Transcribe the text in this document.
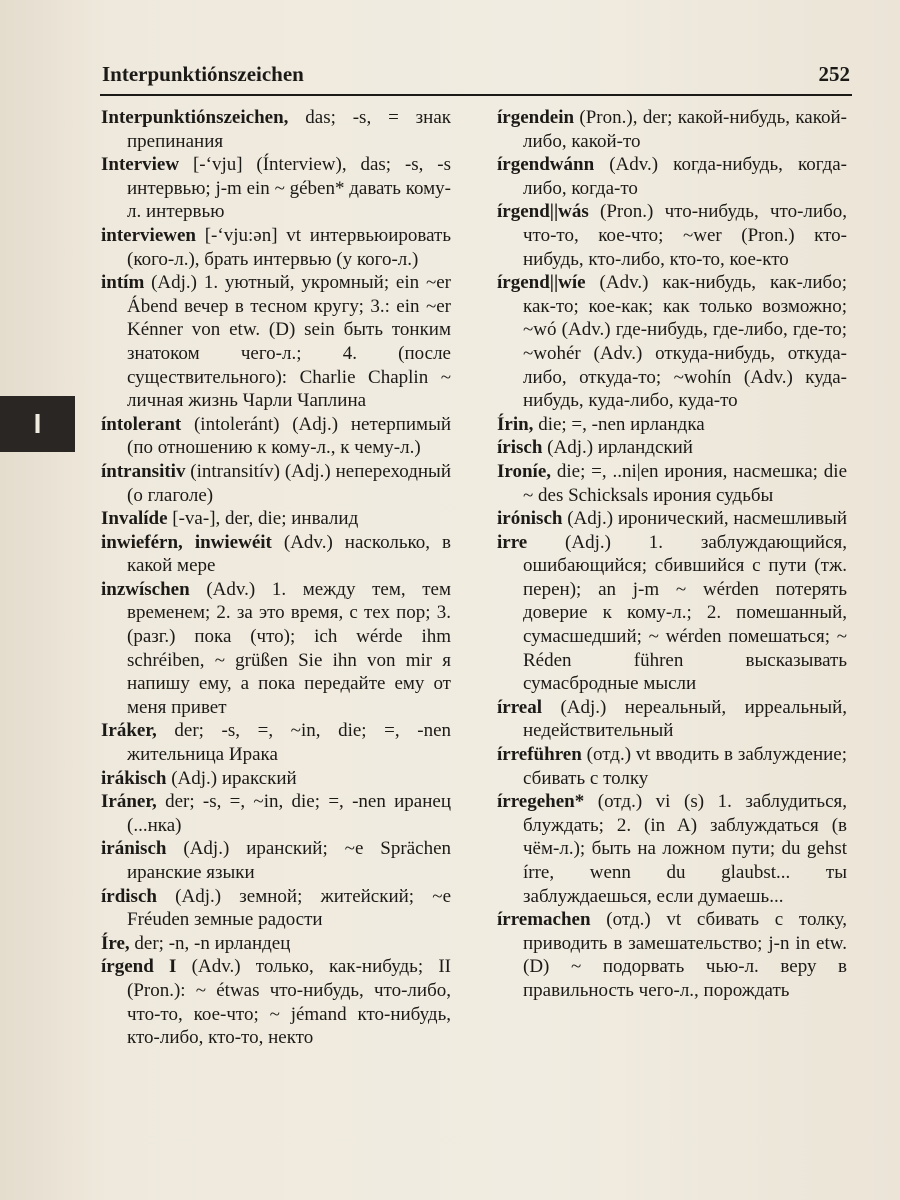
Interpunktiónszeichen	252
I

Interpunktiónszeichen, das; -s, = знак препинания

Interview [-‘vju] (Ínterview), das; -s, -s интервью; j-m ein ~ gében* давать кому-л. интервью

interviewen [-‘vju:ən] vt интервьюировать (кого-л.), брать интервью (у кого-л.)

intím (Adj.) 1. уютный, укромный; ein ~er Ábend вечер в тесном кругу; 3.: ein ~er Kénner von etw. (D) sein быть тонким знатоком чего-л.; 4. (после существительного): Charlie Chaplin ~ личная жизнь Чарли Чаплина

íntolerant (intoleránt) (Adj.) нетерпимый (по отношению к кому-л., к чему-л.)

íntransitiv (intransitív) (Adj.) непереходный (о глаголе)

Invalíde [-va-], der, die; инвалид

inwieférn, inwiewéit (Adv.) насколько, в какой мере

inzwíschen (Adv.) 1. между тем, тем временем; 2. за это время, с тех пор; 3. (разг.) пока (что); ich wérde ihm schréiben, ~ grüßen Sie ihn von mir я напишу ему, а пока передайте ему от меня привет

Iráker, der; -s, =, ~in, die; =, -nen жительница Ирака

irákisch (Adj.) иракский

Iráner, der; -s, =, ~in, die; =, -nen иранец (...нка)

iránisch (Adj.) иранский; ~e Sprächen иранские языки

írdisch (Adj.) земной; житейский; ~e Fréuden земные радости

Íre, der; -n, -n ирландец

írgend I (Adv.) только, как-нибудь; II (Pron.): ~ étwas что-нибудь, что-либо, что-то, кое-что; ~ jémand кто-нибудь, кто-либо, кто-то, некто

írgendein (Pron.), der; какой-нибудь, какой-либо, какой-то

írgendwánn (Adv.) когда-нибудь, когда-либо, когда-то

írgend||wás (Pron.) что-нибудь, что-либо, что-то, кое-что; ~wer (Pron.) кто-нибудь, кто-либо, кто-то, кое-кто

írgend||wíe (Adv.) как-нибудь, как-либо; как-то; кое-как; как только возможно; ~wó (Adv.) где-нибудь, где-либо, где-то; ~wohér (Adv.) откуда-нибудь, откуда-либо, откуда-то; ~wohín (Adv.) куда-нибудь, куда-либо, куда-то

Írin, die; =, -nen ирландка

írisch (Adj.) ирландский

Ironíe, die; =, ..ni|en ирония, насмешка; die ~ des Schicksals ирония судьбы

irónisch (Adj.) иронический, насмешливый

irre (Adj.) 1. заблуждающийся, ошибающийся; сбившийся с пути (тж. перен); an j-m ~ wérden потерять доверие к кому-л.; 2. помешанный, сумасшедший; ~ wérden помешаться; ~ Réden führen высказывать сумасбродные мысли

írreal (Adj.) нереальный, ирреальный, недействительный

írreführen (отд.) vt вводить в заблуждение; сбивать с толку

írregehen* (отд.) vi (s) 1. заблудиться, блуждать; 2. (in A) заблуждаться (в чём-л.); быть на ложном пути; du gehst írre, wenn du glaubst... ты заблуждаешься, если думаешь...

írremachen (отд.) vt сбивать с толку, приводить в замешательство; j-n in etw. (D) ~ подорвать чью-л. веру в правильность чего-л., порождать
